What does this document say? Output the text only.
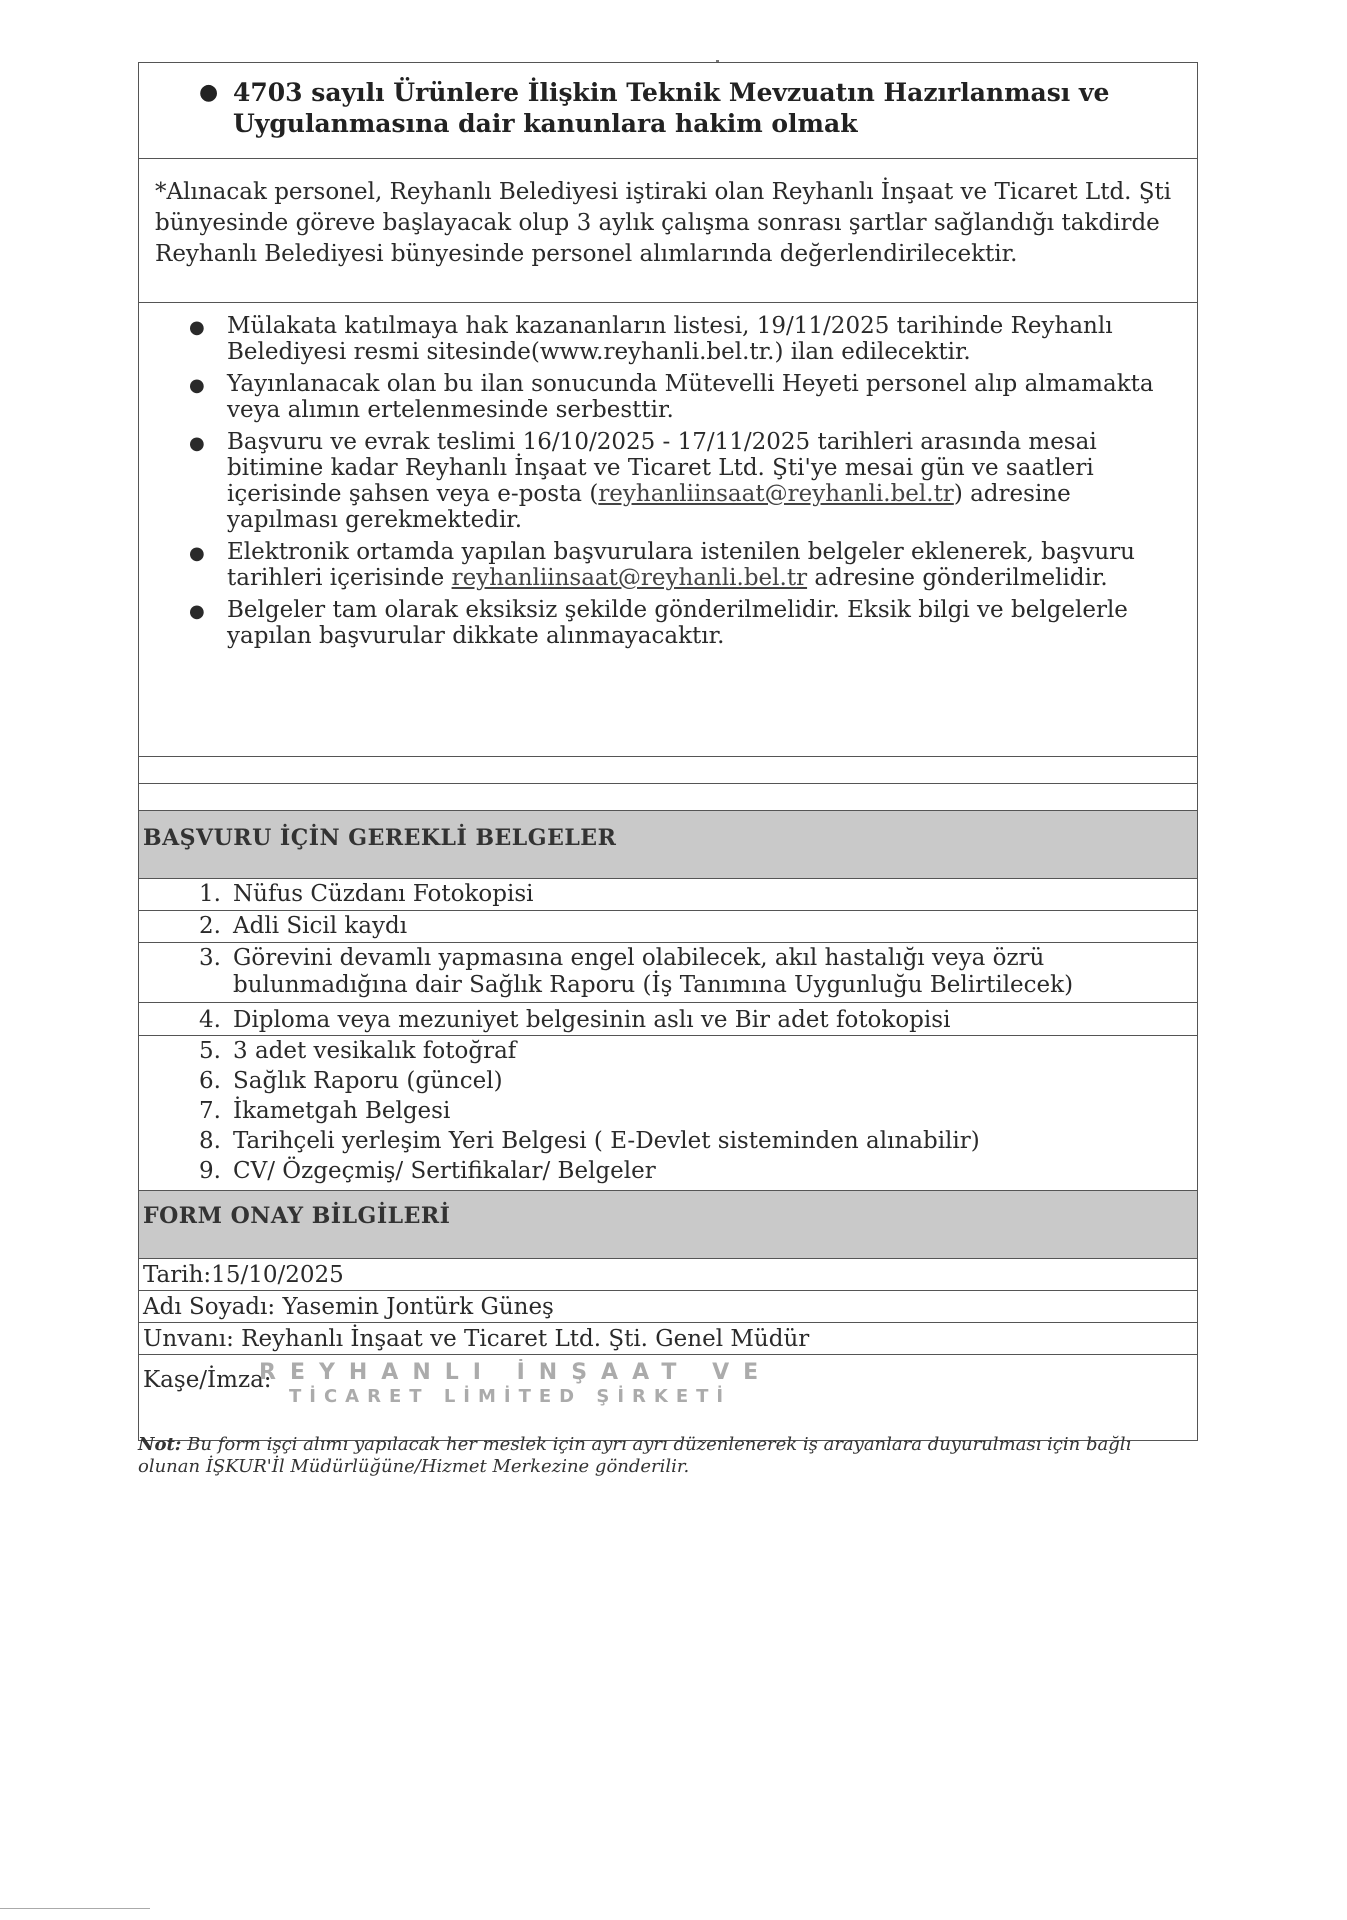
● 4703 sayılı Ürünlere İlişkin Teknik Mevzuatın Hazırlanması ve Uygulanmasına dair kanunlara hakim olmak
*Alınacak personel, Reyhanlı Belediyesi iştiraki olan Reyhanlı İnşaat ve Ticaret Ltd. Şti bünyesinde göreve başlayacak olup 3 aylık çalışma sonrası şartlar sağlandığı takdirde Reyhanlı Belediyesi bünyesinde personel alımlarında değerlendirilecektir.
● Mülakata katılmaya hak kazananların listesi, 19/11/2025 tarihinde Reyhanlı Belediyesi resmi sitesinde(www.reyhanli.bel.tr.) ilan edilecektir.
● Yayınlanacak olan bu ilan sonucunda Mütevelli Heyeti personel alıp almamakta veya alımın ertelenmesinde serbesttir.
● Başvuru ve evrak teslimi 16/10/2025 - 17/11/2025 tarihleri arasında mesai bitimine kadar Reyhanlı İnşaat ve Ticaret Ltd. Şti'ye mesai gün ve saatleri içerisinde şahsen veya e-posta (reyhanliinsaat@reyhanli.bel.tr) adresine yapılması gerekmektedir.
● Elektronik ortamda yapılan başvurulara istenilen belgeler eklenerek, başvuru tarihleri içerisinde reyhanliinsaat@reyhanli.bel.tr adresine gönderilmelidir.
● Belgeler tam olarak eksiksiz şekilde gönderilmelidir. Eksik bilgi ve belgelerle yapılan başvurular dikkate alınmayacaktır.
BAŞVURU İÇİN GEREKLİ BELGELER
1. Nüfus Cüzdanı Fotokopisi
2. Adli Sicil kaydı
3. Görevini devamlı yapmasına engel olabilecek, akıl hastalığı veya özrü bulunmadığına dair Sağlık Raporu (İş Tanımına Uygunluğu Belirtilecek)
4. Diploma veya mezuniyet belgesinin aslı ve Bir adet fotokopisi
5. 3 adet vesikalık fotoğraf
6. Sağlık Raporu (güncel)
7. İkametgah Belgesi
8. Tarihçeli yerleşim Yeri Belgesi ( E-Devlet sisteminden alınabilir)
9. CV/ Özgeçmiş/ Sertifikalar/ Belgeler
FORM ONAY BİLGİLERİ
Tarih:15/10/2025
Adı Soyadı: Yasemin Jontürk Güneş
Unvanı: Reyhanlı İnşaat ve Ticaret Ltd. Şti. Genel Müdür
Kaşe/İmza:
REYHANLI İNŞAAT VE
TİCARET LİMİTED ŞİRKETİ
Not: Bu form işçi alımı yapılacak her meslek için ayrı ayrı düzenlenerek iş arayanlara duyurulması için bağlı olunan İŞKUR'İl Müdürlüğüne/Hizmet Merkezine gönderilir.
